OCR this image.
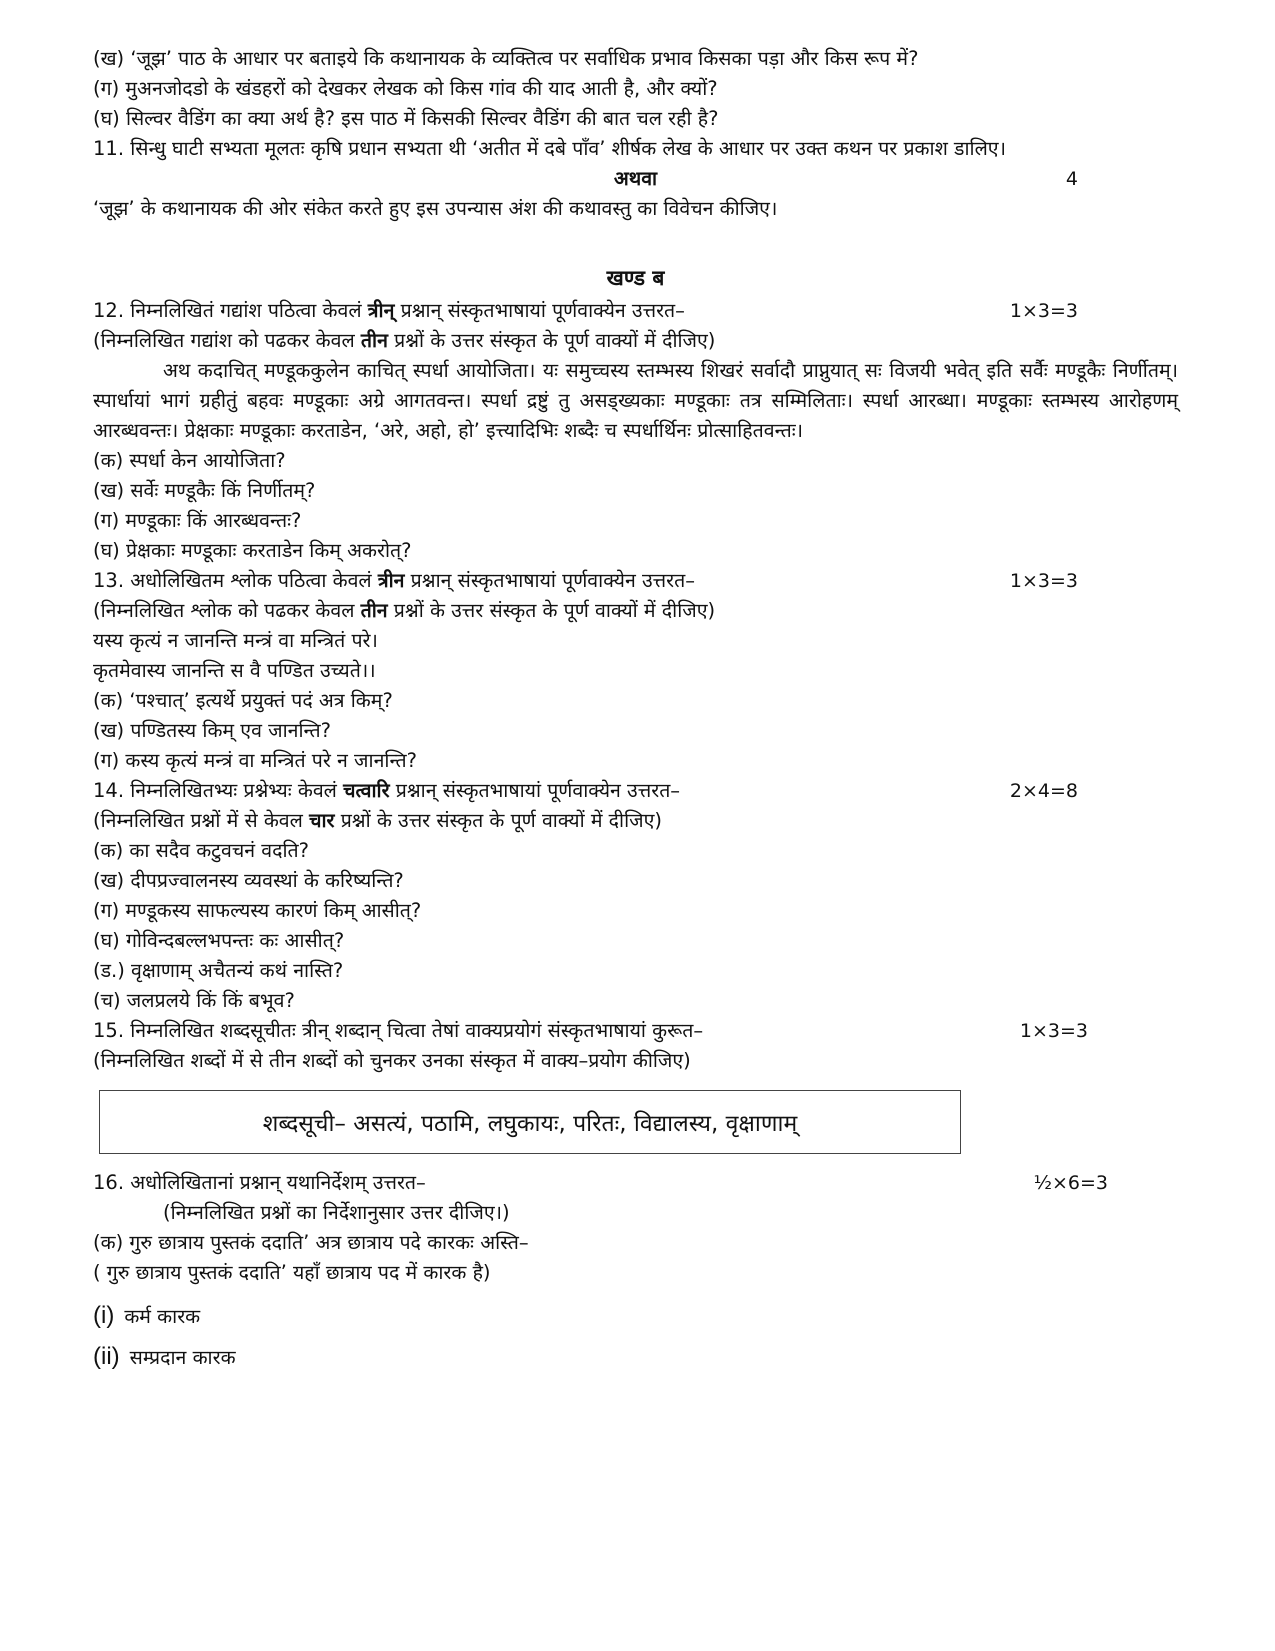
(ख) ‘जूझ’ पाठ के आधार पर बताइये कि कथानायक के व्यक्तित्व पर सर्वाधिक प्रभाव किसका पड़ा और किस रूप में?
(ग) मुअनजोदडो के खंडहरों को देखकर लेखक को किस गांव की याद आती है, और क्यों?
(घ) सिल्वर वैडिंग का क्या अर्थ है? इस पाठ में किसकी सिल्वर वैडिंग की बात चल रही है?
11. सिन्धु घाटी सभ्यता मूलतः कृषि प्रधान सभ्यता थी ‘अतीत में दबे पाँव’ शीर्षक लेख के आधार पर उक्त कथन पर प्रकाश डालिए।
4
अथवा
‘जूझ’ के कथानायक की ओर संकेत करते हुए इस उपन्यास अंश की कथावस्तु का विवेचन कीजिए।
खण्ड ब
12. निम्नलिखितं गद्यांश पठित्वा केवलं त्रीन् प्रश्नान् संस्कृतभाषायां पूर्णवाक्येन उत्तरत–	1×3=3
(निम्नलिखित गद्यांश को पढकर केवल तीन प्रश्नों के उत्तर संस्कृत के पूर्ण वाक्यों में दीजिए)
अथ कदाचित् मण्डूककुलेन काचित् स्पर्धा आयोजिता। यः समुच्चस्य स्तम्भस्य शिखरं सर्वादौ प्राप्नुयात् सः विजयी भवेत् इति सर्वैः मण्डूकैः निर्णीतम्। स्पार्धायां भागं ग्रहीतुं बहवः मण्डूकाः अग्रे आगतवन्त। स्पर्धा द्रष्टुं तु असड्ख्यकाः मण्डूकाः तत्र सम्मिलिताः। स्पर्धा आरब्धा। मण्डूकाः स्तम्भस्य आरोहणम् आरब्धवन्तः। प्रेक्षकाः मण्डूकाः करताडेन, ‘अरे, अहो, हो’ इत्त्यादिभिः शब्दैः च स्पर्धार्थिनः प्रोत्साहितवन्तः।
(क) स्पर्धा केन आयोजिता?
(ख) सर्वेः मण्डूकैः किं निर्णीतम्?
(ग) मण्डूकाः किं आरब्धवन्तः?
(घ) प्रेक्षकाः मण्डूकाः करताडेन किम् अकरोत्?
13. अधोलिखितम श्लोक पठित्वा केवलं त्रीन प्रश्नान् संस्कृतभाषायां पूर्णवाक्येन उत्तरत–	1×3=3
(निम्नलिखित श्लोक को पढकर केवल तीन प्रश्नों के उत्तर संस्कृत के पूर्ण वाक्यों में दीजिए)
यस्य कृत्यं न जानन्ति मन्त्रं वा मन्त्रितं परे।
कृतमेवास्य जानन्ति स वै पण्डित उच्यते।।
(क) ‘पश्चात्’ इत्यर्थे प्रयुक्तं पदं अत्र किम्?
(ख) पण्डितस्य किम् एव जानन्ति?
(ग) कस्य कृत्यं मन्त्रं वा मन्त्रितं परे न जानन्ति?
14. निम्नलिखितभ्यः प्रश्नेभ्यः केवलं चत्वारि प्रश्नान् संस्कृतभाषायां पूर्णवाक्येन उत्तरत–	2×4=8
(निम्नलिखित प्रश्नों में से केवल चार प्रश्नों के उत्तर संस्कृत के पूर्ण वाक्यों में दीजिए)
(क) का सदैव कटुवचनं वदति?
(ख) दीपप्रज्वालनस्य व्यवस्थां के करिष्यन्ति?
(ग) मण्डूकस्य साफल्यस्य कारणं किम् आसीत्?
(घ) गोविन्दबल्लभपन्तः कः आसीत्?
(ड.) वृक्षाणाम् अचैतन्यं कथं नास्ति?
(च) जलप्रलये किं किं बभूव?
15. निम्नलिखित शब्दसूचीतः त्रीन् शब्दान् चित्वा तेषां वाक्यप्रयोगं संस्कृतभाषायां कुरूत–	1×3=3
(निम्नलिखित शब्दों में से तीन शब्दों को चुनकर उनका संस्कृत में वाक्य–प्रयोग कीजिए)
शब्दसूची– असत्यं, पठामि, लघुकायः, परितः, विद्यालस्य, वृक्षाणाम्
16. अधोलिखितानां प्रश्नान् यथानिर्देशम् उत्तरत–	½×6=3
(निम्नलिखित प्रश्नों का निर्देशानुसार उत्तर दीजिए।)
(क) गुरु छात्राय पुस्तकं ददाति’ अत्र छात्राय पदे कारकः अस्ति–
( गुरु छात्राय पुस्तकं ददाति’ यहाँ छात्राय पद में कारक है)
(i) कर्म कारक
(ii) सम्प्रदान कारक
